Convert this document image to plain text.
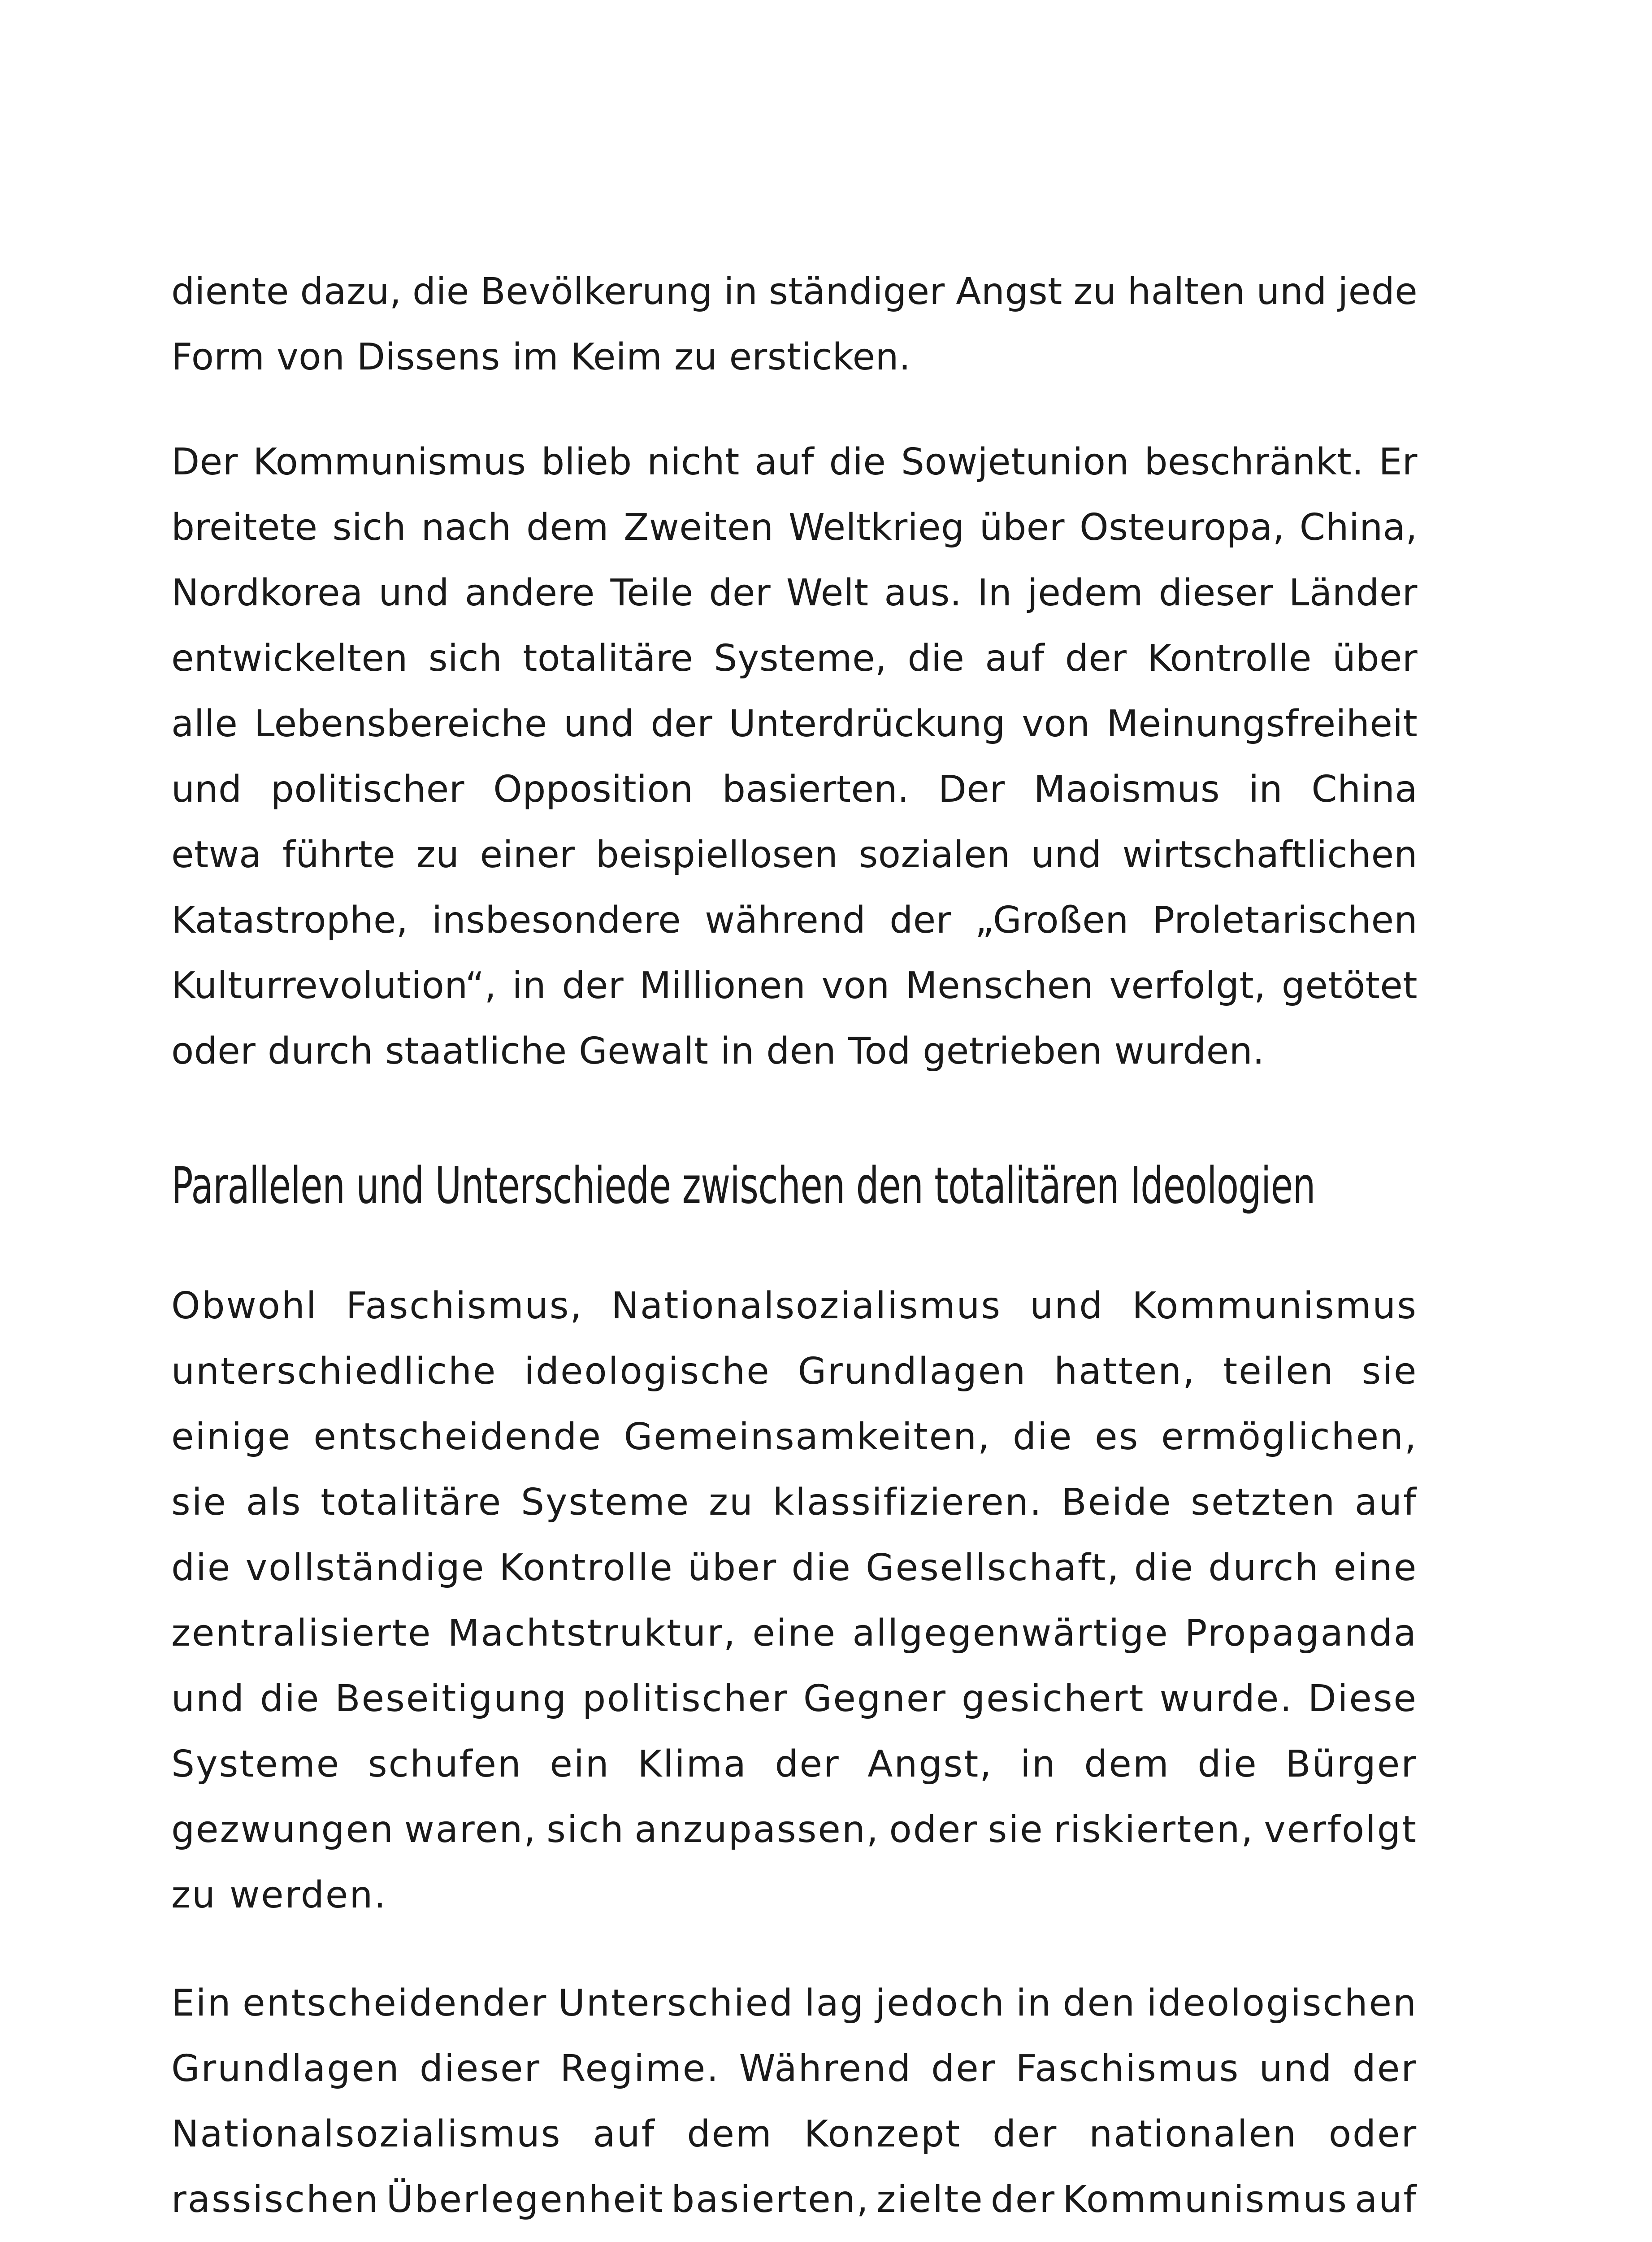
diente dazu, die Bevölkerung in ständiger Angst zu halten und jede
Form von Dissens im Keim zu ersticken.

Der Kommunismus blieb nicht auf die Sowjetunion beschränkt. Er
breitete sich nach dem Zweiten Weltkrieg über Osteuropa, China,
Nordkorea und andere Teile der Welt aus. In jedem dieser Länder
entwickelten sich totalitäre Systeme, die auf der Kontrolle über
alle Lebensbereiche und der Unterdrückung von Meinungsfreiheit
und politischer Opposition basierten. Der Maoismus in China
etwa führte zu einer beispiellosen sozialen und wirtschaftlichen
Katastrophe, insbesondere während der „Großen Proletarischen
Kulturrevolution“, in der Millionen von Menschen verfolgt, getötet
oder durch staatliche Gewalt in den Tod getrieben wurden.

Parallelen und Unterschiede zwischen den totalitären Ideologien

Obwohl Faschismus, Nationalsozialismus und Kommunismus
unterschiedliche ideologische Grundlagen hatten, teilen sie
einige entscheidende Gemeinsamkeiten, die es ermöglichen,
sie als totalitäre Systeme zu klassifizieren. Beide setzten auf
die vollständige Kontrolle über die Gesellschaft, die durch eine
zentralisierte Machtstruktur, eine allgegenwärtige Propaganda
und die Beseitigung politischer Gegner gesichert wurde. Diese
Systeme schufen ein Klima der Angst, in dem die Bürger
gezwungen waren, sich anzupassen, oder sie riskierten, verfolgt
zu werden.

Ein entscheidender Unterschied lag jedoch in den ideologischen
Grundlagen dieser Regime. Während der Faschismus und der
Nationalsozialismus auf dem Konzept der nationalen oder
rassischen Überlegenheit basierten, zielte der Kommunismus auf
